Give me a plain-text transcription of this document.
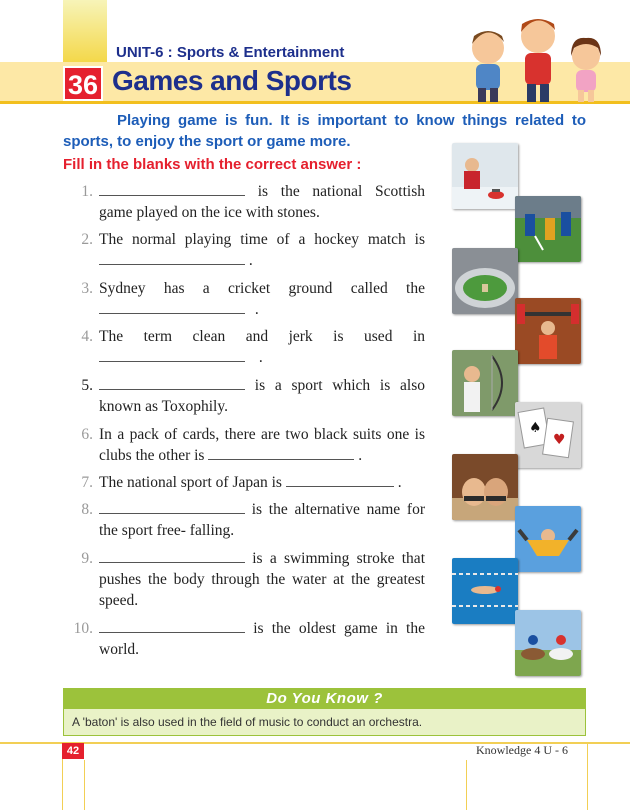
UNIT-6 : Sports & Entertainment
36 Games and Sports
Playing game is fun. It is important to know things related to sports, to enjoy the sport or game more.
Fill in the blanks with the correct answer :
1.	is the national Scottish game played on the ice with stones.
2. The normal playing time of a hockey match is  .
3. Sydney has a cricket ground called the  .
4. The term clean and jerk is used in  .
5.	is a sport which is also known as Toxophily.
6. In a pack of cards, there are two black suits one is clubs the other is	.
7. The national sport of Japan is	.
8.	is the alternative name for the sport free- falling.
9.	is a swimming stroke that pushes the body through the water at the greatest speed.
10.	is the oldest game in the world.
♠
♥
Do You Know ?
A 'baton' is also used in the field of music to conduct an orchestra.
42	Knowledge 4 U - 6
